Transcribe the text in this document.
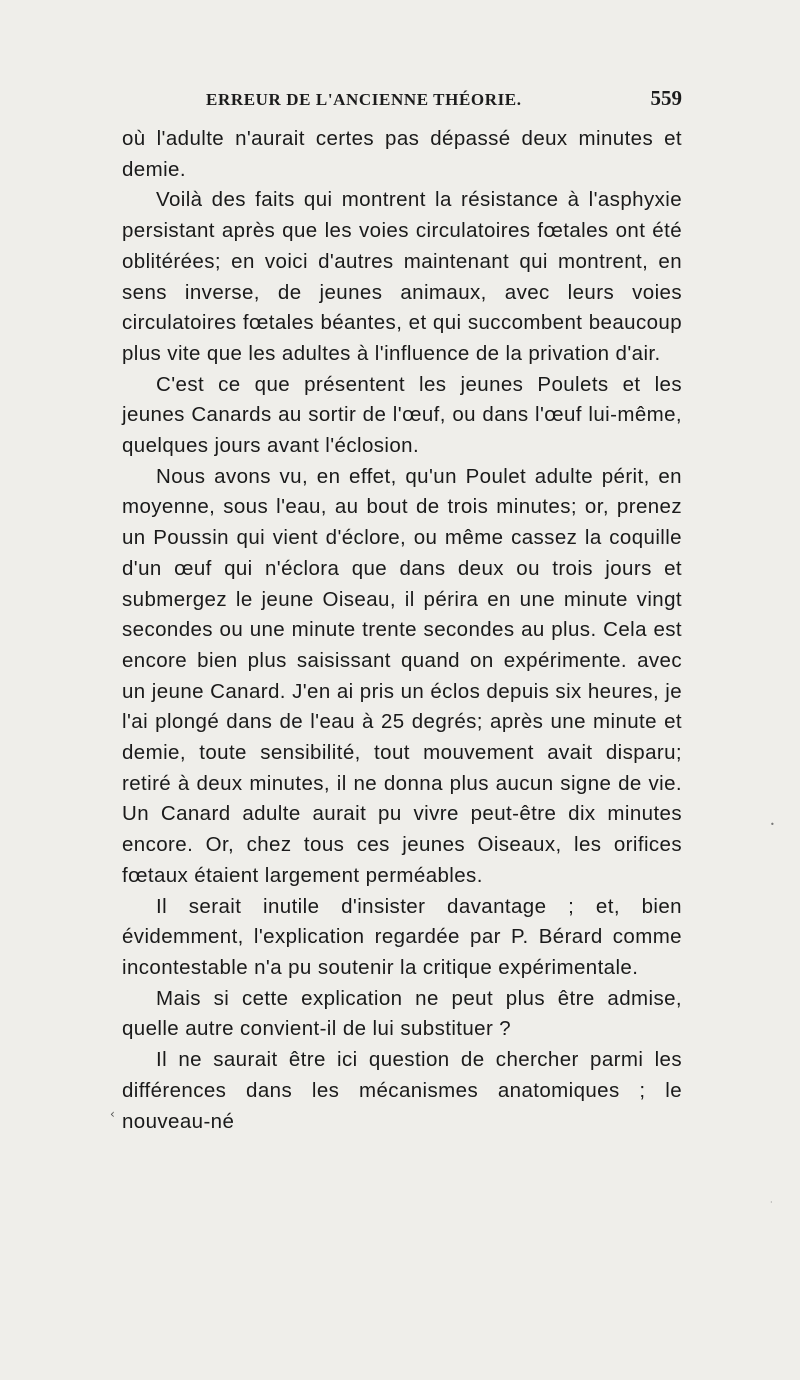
ERREUR DE L'ANCIENNE THÉORIE.	559

où l'adulte n'aurait certes pas dépassé deux minutes et demie.

Voilà des faits qui montrent la résistance à l'asphyxie persistant après que les voies circulatoires fœtales ont été oblitérées; en voici d'autres maintenant qui montrent, en sens inverse, de jeunes animaux, avec leurs voies circulatoires fœtales béantes, et qui succombent beaucoup plus vite que les adultes à l'influence de la privation d'air.

C'est ce que présentent les jeunes Poulets et les jeunes Canards au sortir de l'œuf, ou dans l'œuf lui-même, quelques jours avant l'éclosion.

Nous avons vu, en effet, qu'un Poulet adulte périt, en moyenne, sous l'eau, au bout de trois minutes; or, prenez un Poussin qui vient d'éclore, ou même cassez la coquille d'un œuf qui n'éclora que dans deux ou trois jours et submergez le jeune Oiseau, il périra en une minute vingt secondes ou une minute trente secondes au plus. Cela est encore bien plus saisissant quand on expérimente. avec un jeune Canard. J'en ai pris un éclos depuis six heures, je l'ai plongé dans de l'eau à 25 degrés; après une minute et demie, toute sensibilité, tout mouvement avait disparu; retiré à deux minutes, il ne donna plus aucun signe de vie. Un Canard adulte aurait pu vivre peut-être dix minutes encore. Or, chez tous ces jeunes Oiseaux, les orifices fœtaux étaient largement perméables.

Il serait inutile d'insister davantage ; et, bien évidemment, l'explication regardée par P. Bérard comme incontestable n'a pu soutenir la critique expérimentale.

Mais si cette explication ne peut plus être admise, quelle autre convient-il de lui substituer ?

Il ne saurait être ici question de chercher parmi les différences dans les mécanismes anatomiques ; le nouveau-né

‹
•
·
